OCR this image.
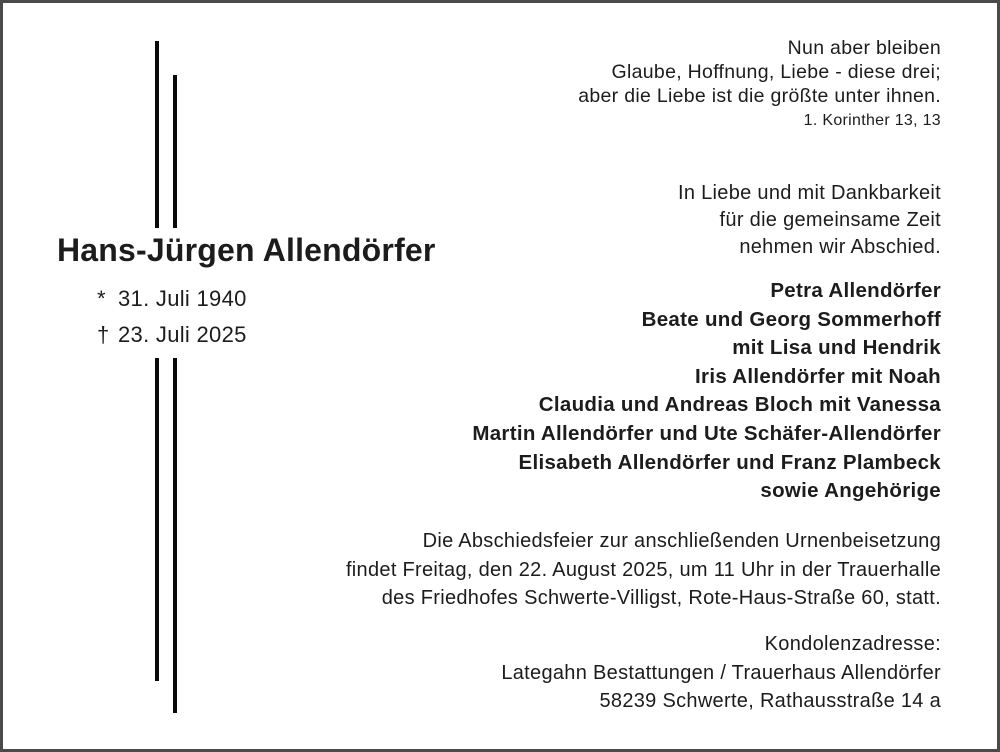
Nun aber bleiben
Glaube, Hoffnung, Liebe - diese drei;
aber die Liebe ist die größte unter ihnen.
1. Korinther 13, 13
Hans-Jürgen Allendörfer
* 31. Juli 1940
† 23. Juli 2025
In Liebe und mit Dankbarkeit
für die gemeinsame Zeit
nehmen wir Abschied.
Petra Allendörfer
Beate und Georg Sommerhoff
mit Lisa und Hendrik
Iris Allendörfer mit Noah
Claudia und Andreas Bloch mit Vanessa
Martin Allendörfer und Ute Schäfer-Allendörfer
Elisabeth Allendörfer und Franz Plambeck
sowie Angehörige
Die Abschiedsfeier zur anschließenden Urnenbeisetzung
findet Freitag, den 22. August 2025, um 11 Uhr in der Trauerhalle
des Friedhofes Schwerte-Villigst, Rote-Haus-Straße 60, statt.
Kondolenzadresse:
Lategahn Bestattungen / Trauerhaus Allendörfer
58239 Schwerte, Rathausstraße 14 a
